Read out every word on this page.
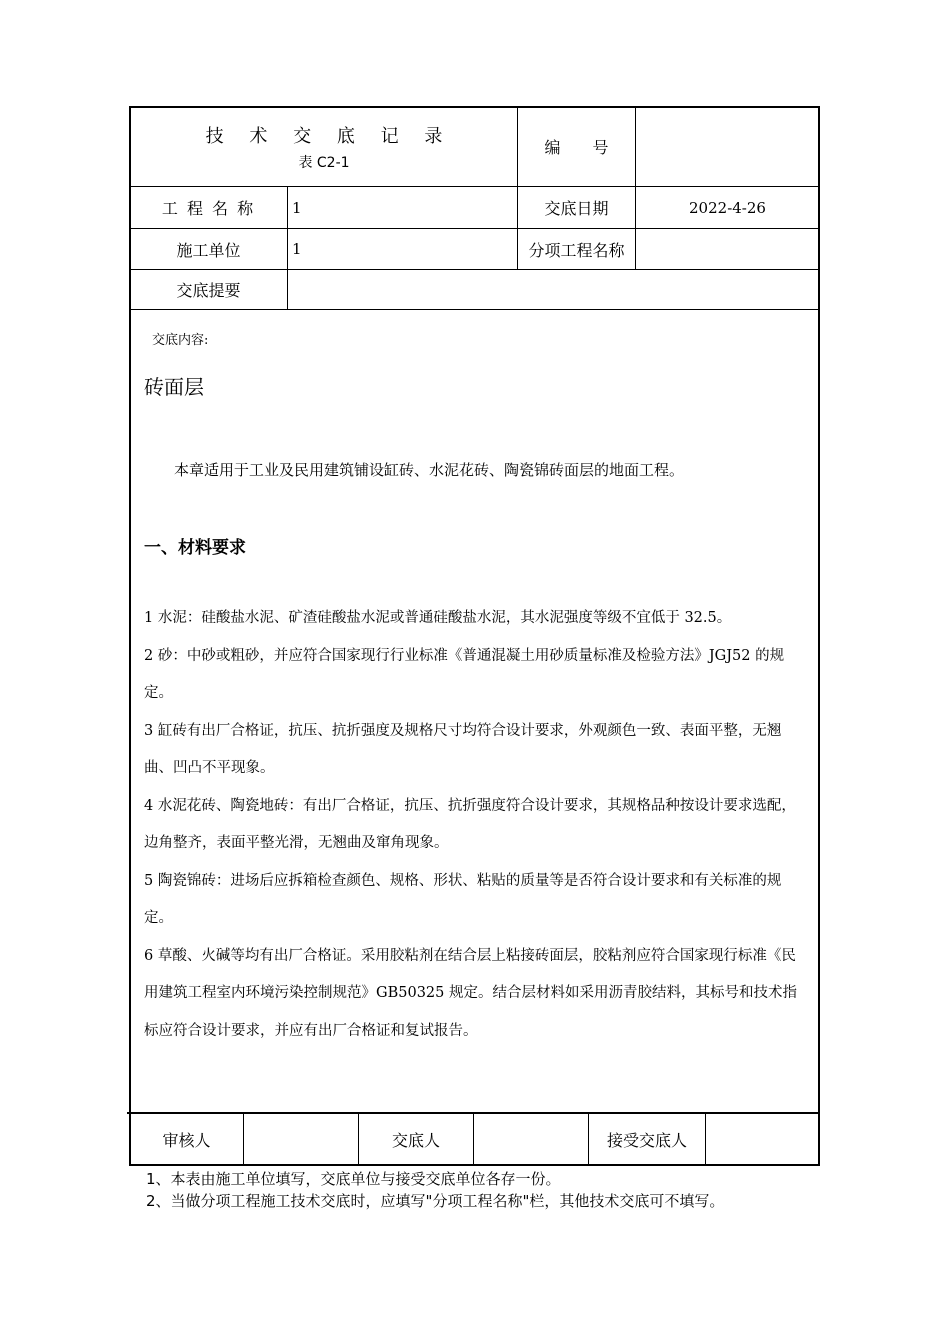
技 术 交 底 记 录
表 C2-1
编　　号
工 程 名 称	1	交底日期	2022-4-26
施工单位	1	分项工程名称
交底提要
交底内容:
砖面层
本章适用于工业及民用建筑铺设缸砖、水泥花砖、陶瓷锦砖面层的地面工程。
一、材料要求
1 水泥：硅酸盐水泥、矿渣硅酸盐水泥或普通硅酸盐水泥，其水泥强度等级不宜低于 32.5。
2 砂：中砂或粗砂，并应符合国家现行行业标准《普通混凝土用砂质量标准及检验方法》JGJ52 的规定。
3 缸砖有出厂合格证，抗压、抗折强度及规格尺寸均符合设计要求，外观颜色一致、表面平整，无翘曲、凹凸不平现象。
4 水泥花砖、陶瓷地砖：有出厂合格证，抗压、抗折强度符合设计要求，其规格品种按设计要求选配，边角整齐，表面平整光滑，无翘曲及窜角现象。
5 陶瓷锦砖：进场后应拆箱检查颜色、规格、形状、粘贴的质量等是否符合设计要求和有关标准的规定。
6 草酸、火碱等均有出厂合格证。采用胶粘剂在结合层上粘接砖面层，胶粘剂应符合国家现行标准《民用建筑工程室内环境污染控制规范》GB50325 规定。结合层材料如采用沥青胶结料，其标号和技术指标应符合设计要求，并应有出厂合格证和复试报告。
审核人	交底人	接受交底人
1、本表由施工单位填写，交底单位与接受交底单位各存一份。
2、当做分项工程施工技术交底时，应填写"分项工程名称"栏，其他技术交底可不填写。
